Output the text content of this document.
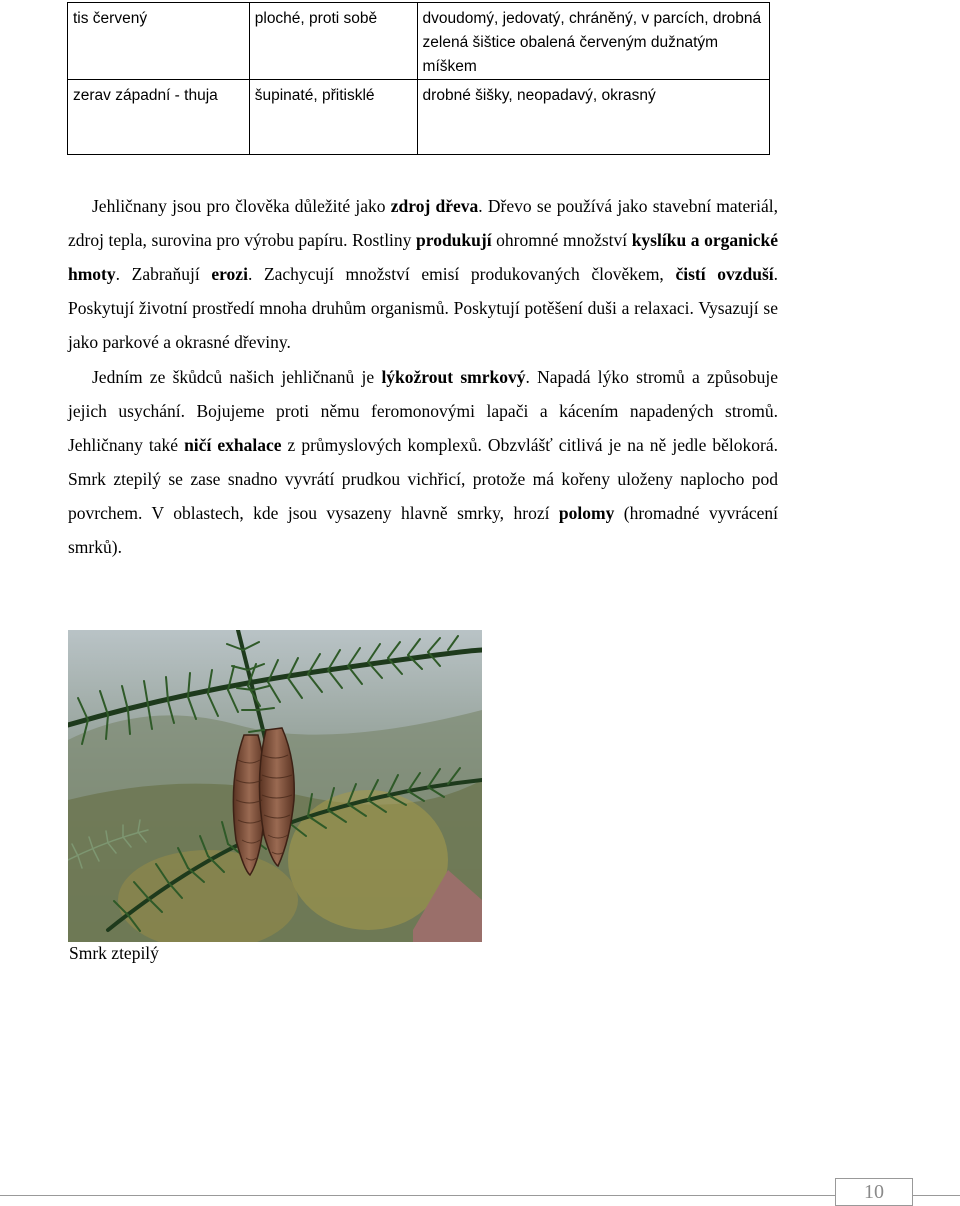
tis červený	ploché, proti sobě	dvoudomý, jedovatý, chráněný, v parcích, drobná zelená šištice obalená červeným dužnatým míškem
zerav západní - thuja	šupinaté, přitisklé	drobné šišky, neopadavý, okrasný

Jehličnany jsou pro člověka důležité jako zdroj dřeva. Dřevo se používá jako stavební materiál, zdroj tepla, surovina pro výrobu papíru. Rostliny produkují ohromné množství kyslíku a organické hmoty. Zabraňují erozi. Zachycují množství emisí produkovaných člověkem, čistí ovzduší. Poskytují životní prostředí mnoha druhům organismů. Poskytují potěšení duši a relaxaci. Vysazují se jako parkové a okrasné dřeviny.

Jedním ze škůdců našich jehličnanů je lýkožrout smrkový. Napadá lýko stromů a způsobuje jejich usychání. Bojujeme proti němu feromonovými lapači a kácením napadených stromů. Jehličnany také ničí exhalace z průmyslových komplexů. Obzvlášť citlivá je na ně jedle bělokorá. Smrk ztepilý se zase snadno vyvrátí prudkou vichřicí, protože má kořeny uloženy naplocho pod povrchem. V oblastech, kde jsou vysazeny hlavně smrky, hrozí polomy (hromadné vyvrácení smrků).

Smrk ztepilý
10
